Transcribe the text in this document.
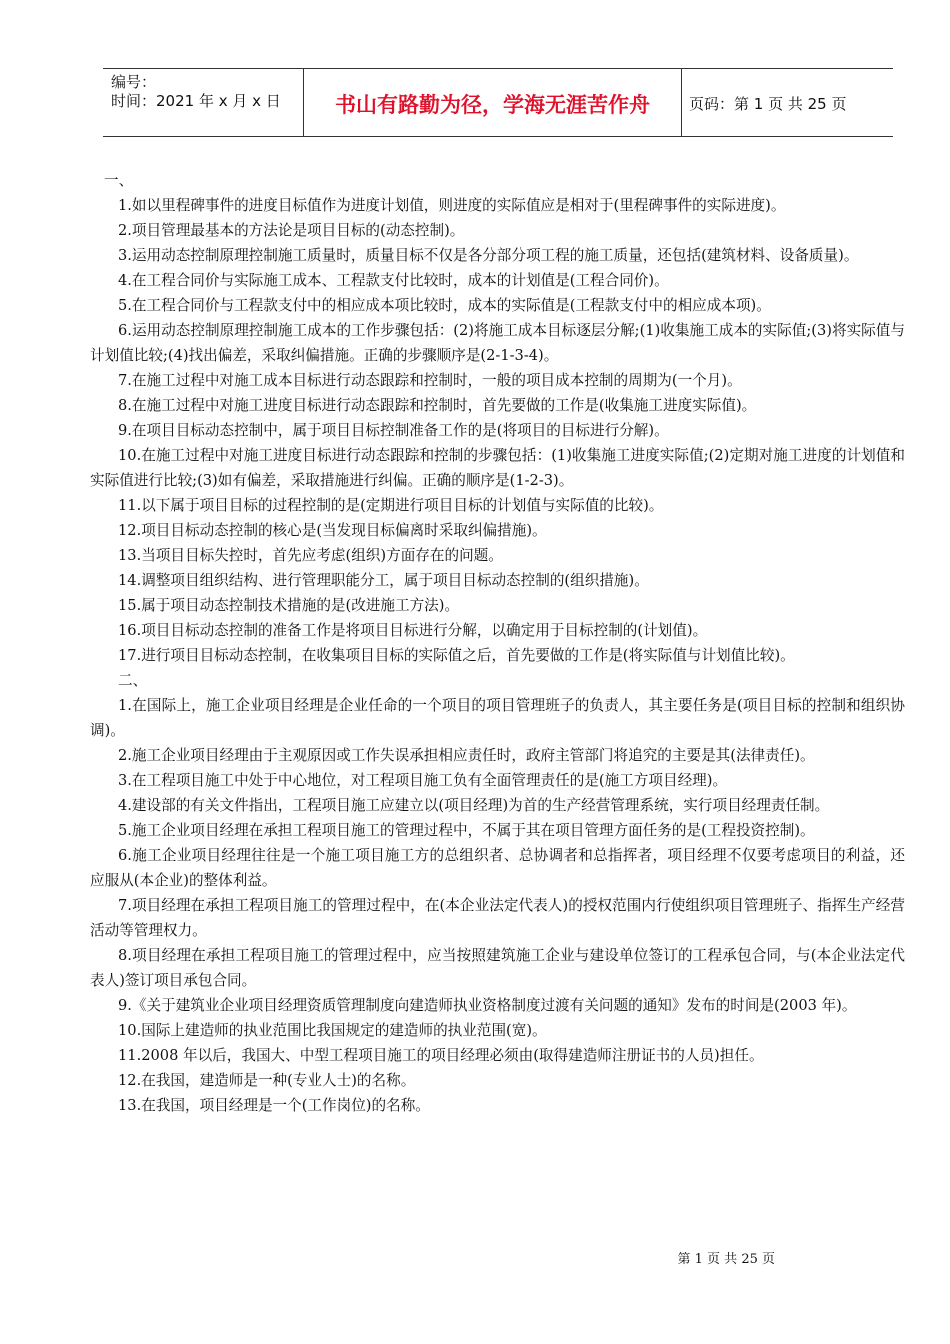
编号：
时间：2021 年 x 月 x 日	书山有路勤为径，学海无涯苦作舟	页码：第 1 页 共 25 页

一、

1.如以里程碑事件的进度目标值作为进度计划值，则进度的实际值应是相对于(里程碑事件的实际进度)。

2.项目管理最基本的方法论是项目目标的(动态控制)。

3.运用动态控制原理控制施工质量时，质量目标不仅是各分部分项工程的施工质量，还包括(建筑材料、设备质量)。

4.在工程合同价与实际施工成本、工程款支付比较时，成本的计划值是(工程合同价)。

5.在工程合同价与工程款支付中的相应成本项比较时，成本的实际值是(工程款支付中的相应成本项)。

6.运用动态控制原理控制施工成本的工作步骤包括：(2)将施工成本目标逐层分解;(1)收集施工成本的实际值;(3)将实际值与计划值比较;(4)找出偏差，采取纠偏措施。正确的步骤顺序是(2-1-3-4)。

7.在施工过程中对施工成本目标进行动态跟踪和控制时，一般的项目成本控制的周期为(一个月)。

8.在施工过程中对施工进度目标进行动态跟踪和控制时，首先要做的工作是(收集施工进度实际值)。

9.在项目目标动态控制中，属于项目目标控制准备工作的是(将项目的目标进行分解)。

10.在施工过程中对施工进度目标进行动态跟踪和控制的步骤包括：(1)收集施工进度实际值;(2)定期对施工进度的计划值和实际值进行比较;(3)如有偏差，采取措施进行纠偏。正确的顺序是(1-2-3)。

11.以下属于项目目标的过程控制的是(定期进行项目目标的计划值与实际值的比较)。

12.项目目标动态控制的核心是(当发现目标偏离时采取纠偏措施)。

13.当项目目标失控时，首先应考虑(组织)方面存在的问题。

14.调整项目组织结构、进行管理职能分工，属于项目目标动态控制的(组织措施)。

15.属于项目动态控制技术措施的是(改进施工方法)。

16.项目目标动态控制的准备工作是将项目目标进行分解，以确定用于目标控制的(计划值)。

17.进行项目目标动态控制，在收集项目目标的实际值之后，首先要做的工作是(将实际值与计划值比较)。

二、

1.在国际上，施工企业项目经理是企业任命的一个项目的项目管理班子的负责人，其主要任务是(项目目标的控制和组织协调)。

2.施工企业项目经理由于主观原因或工作失误承担相应责任时，政府主管部门将追究的主要是其(法律责任)。

3.在工程项目施工中处于中心地位，对工程项目施工负有全面管理责任的是(施工方项目经理)。

4.建设部的有关文件指出，工程项目施工应建立以(项目经理)为首的生产经营管理系统，实行项目经理责任制。

5.施工企业项目经理在承担工程项目施工的管理过程中，不属于其在项目管理方面任务的是(工程投资控制)。

6.施工企业项目经理往往是一个施工项目施工方的总组织者、总协调者和总指挥者，项目经理不仅要考虑项目的利益，还应服从(本企业)的整体利益。

7.项目经理在承担工程项目施工的管理过程中，在(本企业法定代表人)的授权范围内行使组织项目管理班子、指挥生产经营活动等管理权力。

8.项目经理在承担工程项目施工的管理过程中，应当按照建筑施工企业与建设单位签订的工程承包合同，与(本企业法定代表人)签订项目承包合同。

9.《关于建筑业企业项目经理资质管理制度向建造师执业资格制度过渡有关问题的通知》发布的时间是(2003 年)。

10.国际上建造师的执业范围比我国规定的建造师的执业范围(宽)。

11.2008 年以后，我国大、中型工程项目施工的项目经理必须由(取得建造师注册证书的人员)担任。

12.在我国，建造师是一种(专业人士)的名称。

13.在我国，项目经理是一个(工作岗位)的名称。

第 1 页 共 25 页
